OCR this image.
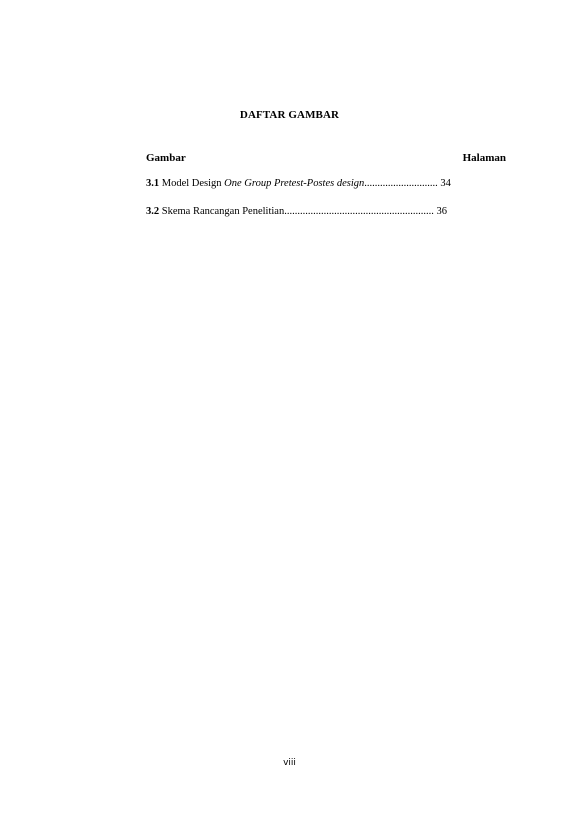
DAFTAR GAMBAR
Gambar	Halaman
3.1 Model Design One Group Pretest-Postes design............................ 34
3.2 Skema Rancangan Penelitian......................................................... 36
viii
